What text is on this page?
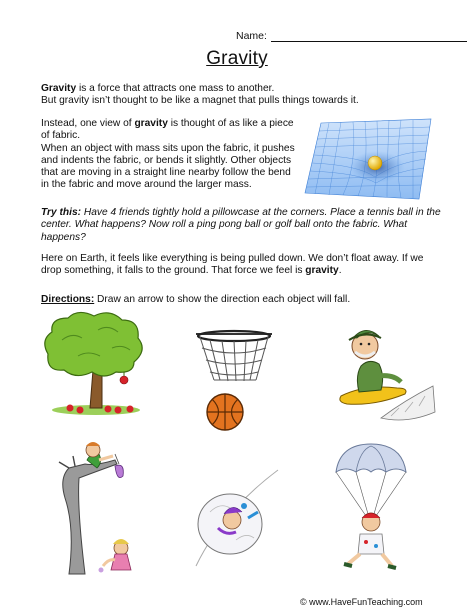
Name:
Gravity
Gravity is a force that attracts one mass to another.
But gravity isn’t thought to be like a magnet that pulls things towards it.
Instead, one view of gravity is thought of as like a piece of fabric.
When an object with mass sits upon the fabric, it pushes and indents the fabric, or bends it slightly. Other objects that are moving in a straight line nearby follow the bend in the fabric and move around the larger mass.
Try this: Have 4 friends tightly hold a pillowcase at the corners. Place a tennis ball in the center. What happens? Now roll a ping pong ball or golf ball onto the fabric. What happens?
Here on Earth, it feels like everything is being pulled down. We don’t float away. If we drop something, it falls to the ground. That force we feel is gravity.
Directions: Draw an arrow to show the direction each object will fall.
© www.HaveFunTeaching.com
